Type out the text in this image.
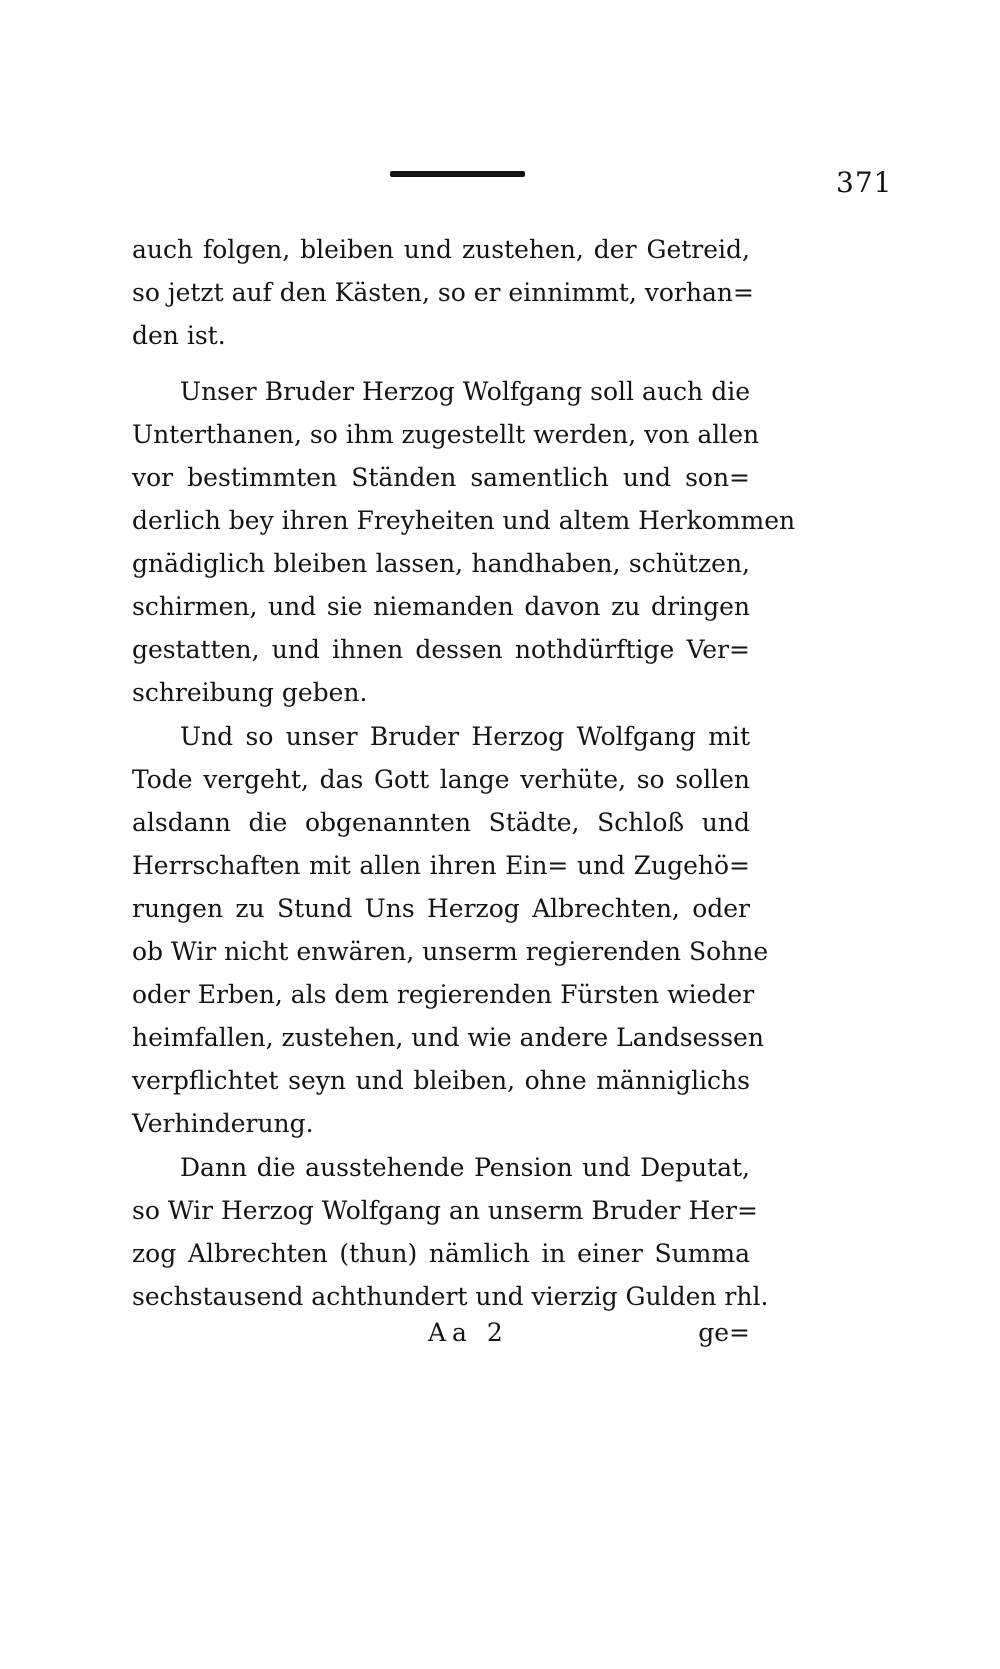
371
auch folgen, bleiben und zustehen, der Getreid,
so jetzt auf den Kästen, so er einnimmt, vorhan=
den ist.
Unser Bruder Herzog Wolfgang soll auch die
Unterthanen, so ihm zugestellt werden, von allen
vor bestimmten Ständen samentlich und son=
derlich bey ihren Freyheiten und altem Herkommen
gnädiglich bleiben lassen, handhaben, schützen,
schirmen, und sie niemanden davon zu dringen
gestatten, und ihnen dessen nothdürftige Ver=
schreibung geben.
Und so unser Bruder Herzog Wolfgang mit
Tode vergeht, das Gott lange verhüte, so sollen
alsdann die obgenannten Städte, Schloß und
Herrschaften mit allen ihren Ein= und Zugehö=
rungen zu Stund Uns Herzog Albrechten, oder
ob Wir nicht enwären, unserm regierenden Sohne
oder Erben, als dem regierenden Fürsten wieder
heimfallen, zustehen, und wie andere Landsessen
verpflichtet seyn und bleiben, ohne männiglichs
Verhinderung.
Dann die ausstehende Pension und Deputat,
so Wir Herzog Wolfgang an unserm Bruder Her=
zog Albrechten (thun) nämlich in einer Summa
sechstausend achthundert und vierzig Gulden rhl.
Aa 2	ge=
